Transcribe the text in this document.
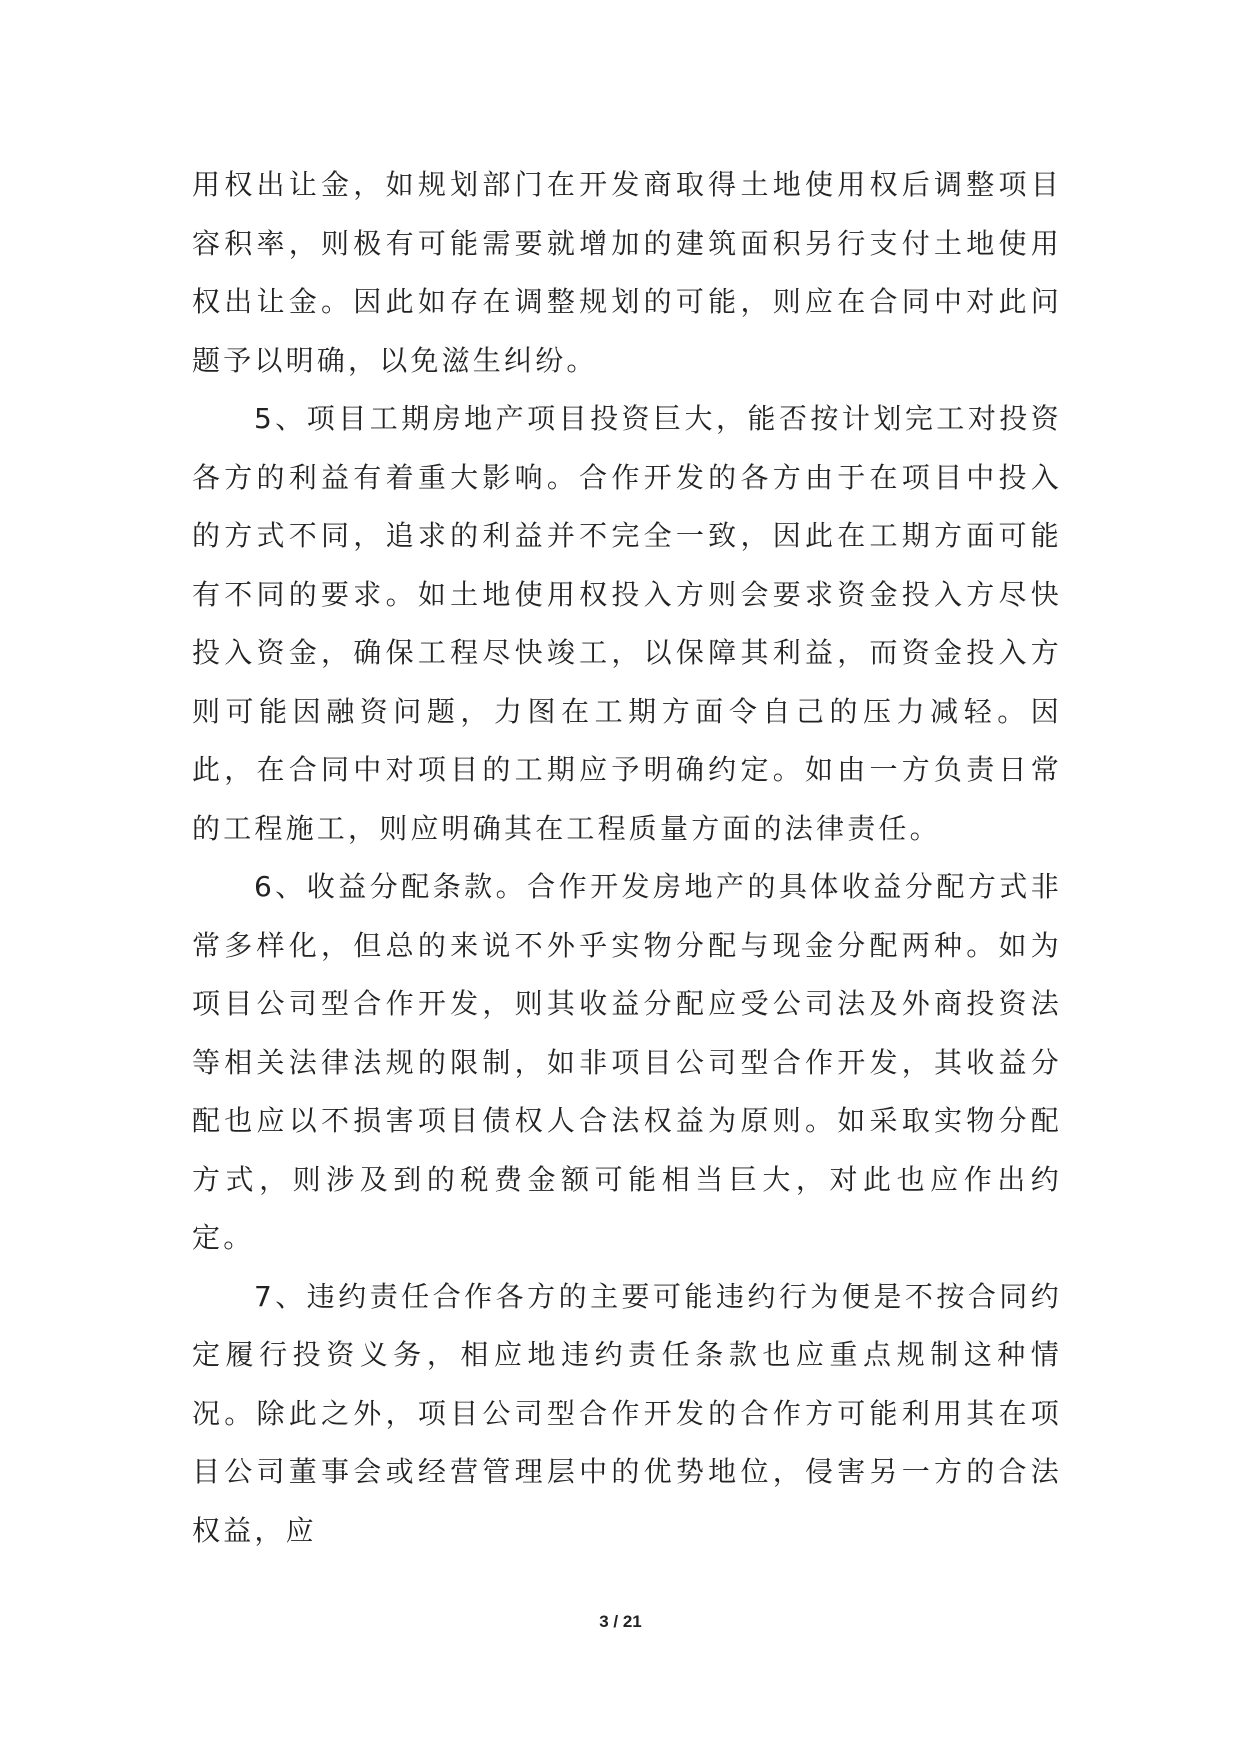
用权出让金，如规划部门在开发商取得土地使用权后调整项目容积率，则极有可能需要就增加的建筑面积另行支付土地使用权出让金。因此如存在调整规划的可能，则应在合同中对此问题予以明确，以免滋生纠纷。

5、项目工期房地产项目投资巨大，能否按计划完工对投资各方的利益有着重大影响。合作开发的各方由于在项目中投入的方式不同，追求的利益并不完全一致，因此在工期方面可能有不同的要求。如土地使用权投入方则会要求资金投入方尽快投入资金，确保工程尽快竣工，以保障其利益，而资金投入方则可能因融资问题，力图在工期方面令自己的压力减轻。因此，在合同中对项目的工期应予明确约定。如由一方负责日常的工程施工，则应明确其在工程质量方面的法律责任。

6、收益分配条款。合作开发房地产的具体收益分配方式非常多样化，但总的来说不外乎实物分配与现金分配两种。如为项目公司型合作开发，则其收益分配应受公司法及外商投资法等相关法律法规的限制，如非项目公司型合作开发，其收益分配也应以不损害项目债权人合法权益为原则。如采取实物分配方式，则涉及到的税费金额可能相当巨大，对此也应作出约定。

7、违约责任合作各方的主要可能违约行为便是不按合同约定履行投资义务，相应地违约责任条款也应重点规制这种情况。除此之外，项目公司型合作开发的合作方可能利用其在项目公司董事会或经营管理层中的优势地位，侵害另一方的合法权益，应

3 / 21
